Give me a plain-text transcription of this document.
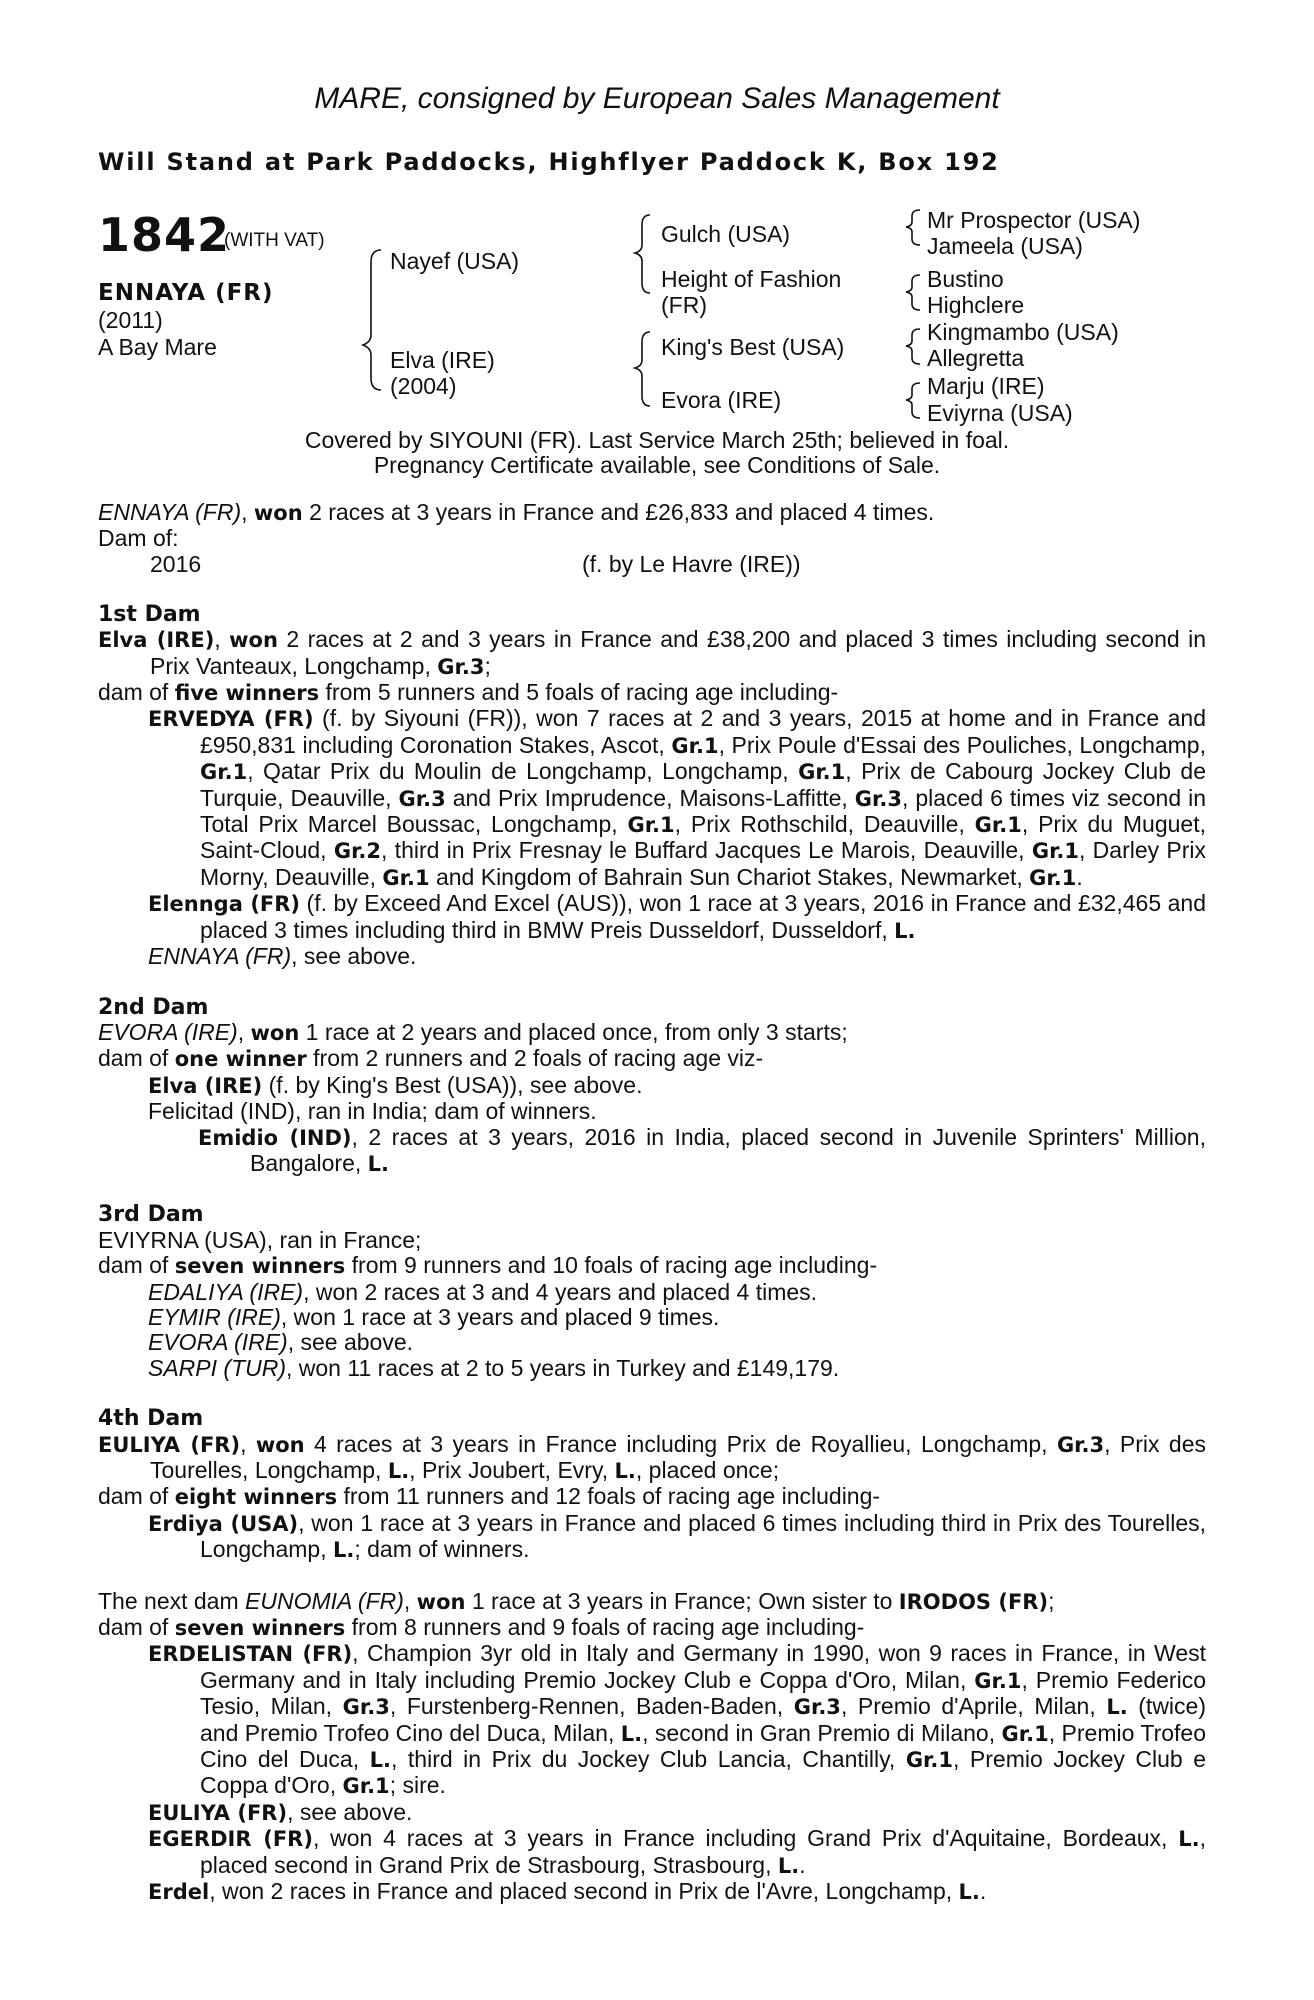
MARE, consigned by European Sales Management
Will Stand at Park Paddocks, Highflyer Paddock K, Box 192
1842
(WITH VAT)
ENNAYA (FR)
(2011)
A Bay Mare
Nayef (USA)
Elva (IRE)
(2004)
Gulch (USA)
Height of Fashion
(FR)
King's Best (USA)
Evora (IRE)
Mr Prospector (USA)
Jameela (USA)
Bustino
Highclere
Kingmambo (USA)
Allegretta
Marju (IRE)
Eviyrna (USA)
Covered by SIYOUNI (FR). Last Service March 25th; believed in foal.
Pregnancy Certificate available, see Conditions of Sale.

ENNAYA (FR), won 2 races at 3 years in France and £26,833 and placed 4 times.

Dam of:

2016	(f. by Le Havre (IRE))

1st Dam

Elva (IRE), won 2 races at 2 and 3 years in France and £38,200 and placed 3 times including second in Prix Vanteaux, Longchamp, Gr.3;

dam of five winners from 5 runners and 5 foals of racing age including-

ERVEDYA (FR) (f. by Siyouni (FR)), won 7 races at 2 and 3 years, 2015 at home and in France and £950,831 including Coronation Stakes, Ascot, Gr.1, Prix Poule d'Essai des Pouliches, Longchamp, Gr.1, Qatar Prix du Moulin de Longchamp, Longchamp, Gr.1, Prix de Cabourg Jockey Club de Turquie, Deauville, Gr.3 and Prix Imprudence, Maisons-Laffitte, Gr.3, placed 6 times viz second in Total Prix Marcel Boussac, Longchamp, Gr.1, Prix Rothschild, Deauville, Gr.1, Prix du Muguet, Saint-Cloud, Gr.2, third in Prix Fresnay le Buffard Jacques Le Marois, Deauville, Gr.1, Darley Prix Morny, Deauville, Gr.1 and Kingdom of Bahrain Sun Chariot Stakes, Newmarket, Gr.1.

Elennga (FR) (f. by Exceed And Excel (AUS)), won 1 race at 3 years, 2016 in France and £32,465 and placed 3 times including third in BMW Preis Dusseldorf, Dusseldorf, L.

ENNAYA (FR), see above.

2nd Dam

EVORA (IRE), won 1 race at 2 years and placed once, from only 3 starts;

dam of one winner from 2 runners and 2 foals of racing age viz-

Elva (IRE) (f. by King's Best (USA)), see above.

Felicitad (IND), ran in India; dam of winners.

Emidio (IND), 2 races at 3 years, 2016 in India, placed second in Juvenile Sprinters' Million, Bangalore, L.

3rd Dam

EVIYRNA (USA), ran in France;

dam of seven winners from 9 runners and 10 foals of racing age including-

EDALIYA (IRE), won 2 races at 3 and 4 years and placed 4 times.

EYMIR (IRE), won 1 race at 3 years and placed 9 times.

EVORA (IRE), see above.

SARPI (TUR), won 11 races at 2 to 5 years in Turkey and £149,179.

4th Dam

EULIYA (FR), won 4 races at 3 years in France including Prix de Royallieu, Longchamp, Gr.3, Prix des Tourelles, Longchamp, L., Prix Joubert, Evry, L., placed once;

dam of eight winners from 11 runners and 12 foals of racing age including-

Erdiya (USA), won 1 race at 3 years in France and placed 6 times including third in Prix des Tourelles, Longchamp, L.; dam of winners.

The next dam EUNOMIA (FR), won 1 race at 3 years in France; Own sister to IRODOS (FR);

dam of seven winners from 8 runners and 9 foals of racing age including-

ERDELISTAN (FR), Champion 3yr old in Italy and Germany in 1990, won 9 races in France, in West Germany and in Italy including Premio Jockey Club e Coppa d'Oro, Milan, Gr.1, Premio Federico Tesio, Milan, Gr.3, Furstenberg-Rennen, Baden-Baden, Gr.3, Premio d'Aprile, Milan, L. (twice) and Premio Trofeo Cino del Duca, Milan, L., second in Gran Premio di Milano, Gr.1, Premio Trofeo Cino del Duca, L., third in Prix du Jockey Club Lancia, Chantilly, Gr.1, Premio Jockey Club e Coppa d'Oro, Gr.1; sire.

EULIYA (FR), see above.

EGERDIR (FR), won 4 races at 3 years in France including Grand Prix d'Aquitaine, Bordeaux, L., placed second in Grand Prix de Strasbourg, Strasbourg, L..

Erdel, won 2 races in France and placed second in Prix de l'Avre, Longchamp, L..
